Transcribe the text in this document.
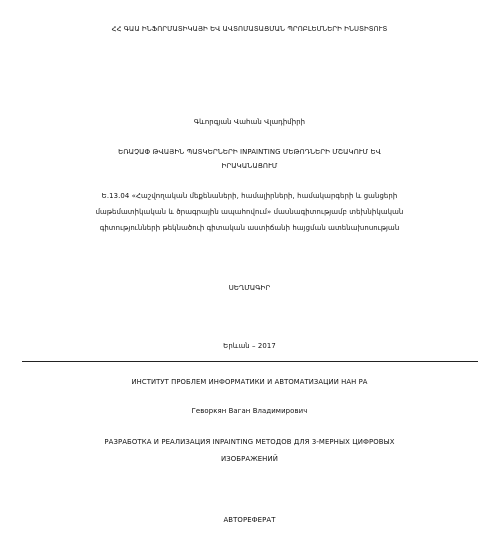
ՀՀ ԳԱԱ ԻՆՖՈՐՄԱՏԻԿԱՅԻ ԵՎ ԱՎՏՈՄԱՏԱՑՄԱՆ ՊՐՈԲԼԵՄՆԵՐԻ ԻՆՍՏԻՏՈՒՏ
Գևորգյան Վահան Վլադիմիրի
ԵՌԱՉԱՓ ԹՎԱՅԻՆ ՊԱՏԿԵՐՆԵՐԻ INPAINTING ՄԵԹՈԴՆԵՐԻ ՄՇԱԿՈՒՄ ԵՎ
ԻՐԱԿԱՆԱՑՈՒՄ
Ե.13.04 «Հաշվողական մեքենաների, համալիրների, համակարգերի և ցանցերի
մաթեմատիկական և ծրագրային ապահովում» մասնագիտությամբ տեխնիկական
գիտությունների թեկնածուի գիտական աստիճանի հայցման ատենախոսության
ՍԵՂՄԱԳԻՐ
Երևան – 2017
ИНСТИТУТ ПРОБЛЕМ ИНФОРМАТИКИ И АВТОМАТИЗАЦИИ НАН РА
Геворкян Ваган Владимирович
РАЗРАБОТКА И РЕАЛИЗАЦИЯ INPAINTING МЕТОДОВ ДЛЯ 3-МЕРНЫХ ЦИФРОВЫХ
ИЗОБРАЖЕНИЙ
АВТОРЕФЕРАТ
